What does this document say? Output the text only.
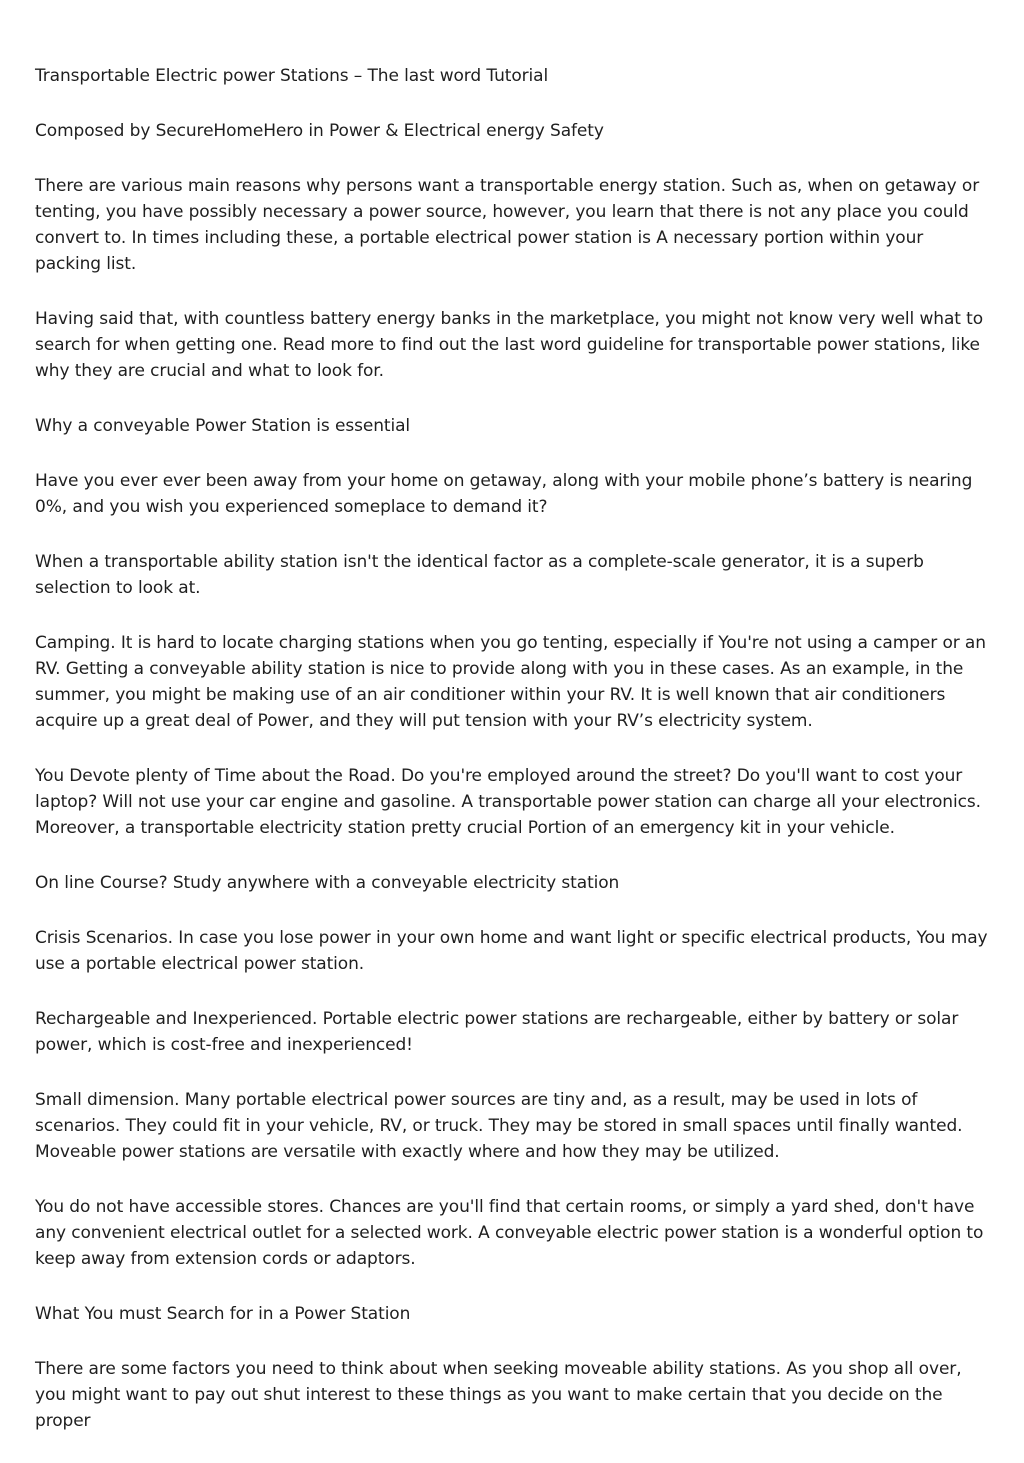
Transportable Electric power Stations – The last word Tutorial

Composed by SecureHomeHero in Power & Electrical energy Safety

There are various main reasons why persons want a transportable energy station. Such as, when on getaway or tenting, you have possibly necessary a power source, however, you learn that there is not any place you could convert to. In times including these, a portable electrical power station is A necessary portion within your packing list.

Having said that, with countless battery energy banks in the marketplace, you might not know very well what to search for when getting one. Read more to find out the last word guideline for transportable power stations, like why they are crucial and what to look for.

Why a conveyable Power Station is essential

Have you ever ever been away from your home on getaway, along with your mobile phone’s battery is nearing 0%, and you wish you experienced someplace to demand it?

When a transportable ability station isn't the identical factor as a complete-scale generator, it is a superb selection to look at.

Camping. It is hard to locate charging stations when you go tenting, especially if You're not using a camper or an RV. Getting a conveyable ability station is nice to provide along with you in these cases. As an example, in the summer, you might be making use of an air conditioner within your RV. It is well known that air conditioners acquire up a great deal of Power, and they will put tension with your RV’s electricity system.

You Devote plenty of Time about the Road. Do you're employed around the street? Do you'll want to cost your laptop? Will not use your car engine and gasoline. A transportable power station can charge all your electronics. Moreover, a transportable electricity station pretty crucial Portion of an emergency kit in your vehicle.

On line Course? Study anywhere with a conveyable electricity station

Crisis Scenarios. In case you lose power in your own home and want light or specific electrical products, You may use a portable electrical power station.

Rechargeable and Inexperienced. Portable electric power stations are rechargeable, either by battery or solar power, which is cost-free and inexperienced!

Small dimension. Many portable electrical power sources are tiny and, as a result, may be used in lots of scenarios. They could fit in your vehicle, RV, or truck. They may be stored in small spaces until finally wanted. Moveable power stations are versatile with exactly where and how they may be utilized.

You do not have accessible stores. Chances are you'll find that certain rooms, or simply a yard shed, don't have any convenient electrical outlet for a selected work. A conveyable electric power station is a wonderful option to keep away from extension cords or adaptors.

What You must Search for in a Power Station

There are some factors you need to think about when seeking moveable ability stations. As you shop all over, you might want to pay out shut interest to these things as you want to make certain that you decide on the proper
